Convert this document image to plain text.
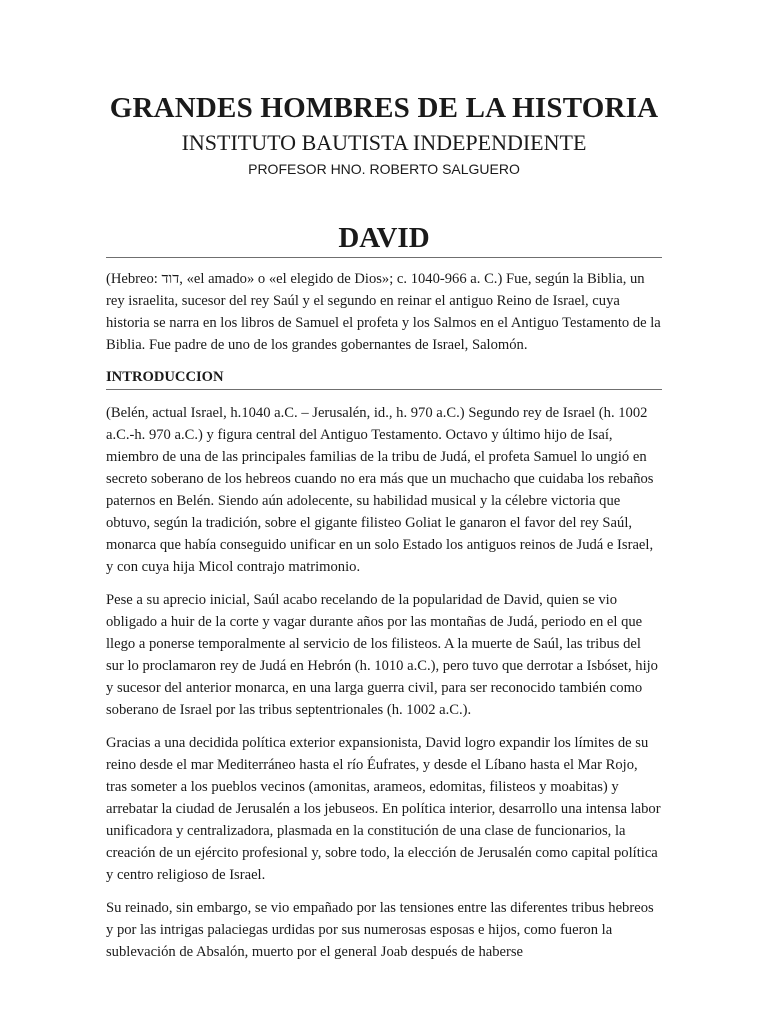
GRANDES HOMBRES DE LA HISTORIA
INSTITUTO BAUTISTA INDEPENDIENTE
PROFESOR HNO. ROBERTO SALGUERO
DAVID

(Hebreo: דוד, «el amado» o «el elegido de Dios»; c. 1040-966 a. C.) Fue, según la Biblia, un rey israelita, sucesor del rey Saúl y el segundo en reinar el antiguo Reino de Israel, cuya historia se narra en los libros de Samuel el profeta y los Salmos en el Antiguo Testamento de la Biblia. Fue padre de uno de los grandes gobernantes de Israel, Salomón.

INTRODUCCION

(Belén, actual Israel, h.1040 a.C. – Jerusalén, id., h. 970 a.C.) Segundo rey de Israel (h. 1002 a.C.-h. 970 a.C.) y figura central del Antiguo Testamento. Octavo y último hijo de Isaí, miembro de una de las principales familias de la tribu de Judá, el profeta Samuel lo ungió en secreto soberano de los hebreos cuando no era más que un muchacho que cuidaba los rebaños paternos en Belén. Siendo aún adolecente, su habilidad musical y la célebre victoria que obtuvo, según la tradición, sobre el gigante filisteo Goliat le ganaron el favor del rey Saúl, monarca que había conseguido unificar en un solo Estado los antiguos reinos de Judá e Israel, y con cuya hija Micol contrajo matrimonio.

Pese a su aprecio inicial, Saúl acabo recelando de la popularidad de David, quien se vio obligado a huir de la corte y vagar durante años por las montañas de Judá, periodo en el que llego a ponerse temporalmente al servicio de los filisteos. A la muerte de Saúl, las tribus del sur lo proclamaron rey de Judá en Hebrón (h. 1010 a.C.), pero tuvo que derrotar a Isbóset, hijo y sucesor del anterior monarca, en una larga guerra civil, para ser reconocido también como soberano de Israel por las tribus septentrionales (h. 1002 a.C.).

Gracias a una decidida política exterior expansionista, David logro expandir los límites de su reino desde el mar Mediterráneo hasta el río Éufrates, y desde el Líbano hasta el Mar Rojo, tras someter a los pueblos vecinos (amonitas, arameos, edomitas, filisteos y moabitas) y arrebatar la ciudad de Jerusalén a los jebuseos. En política interior, desarrollo una intensa labor unificadora y centralizadora, plasmada en la constitución de una clase de funcionarios, la creación de un ejército profesional y, sobre todo, la elección de Jerusalén como capital política y centro religioso de Israel.

Su reinado, sin embargo, se vio empañado por las tensiones entre las diferentes tribus hebreos y por las intrigas palaciegas urdidas por sus numerosas esposas e hijos, como fueron la sublevación de Absalón, muerto por el general Joab después de haberse
